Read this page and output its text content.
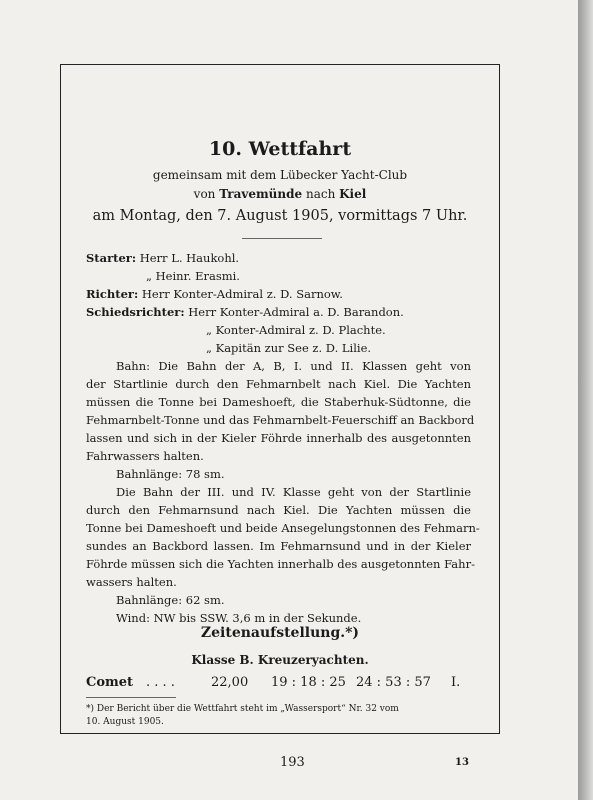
10. Wettfahrt
gemeinsam mit dem Lübecker Yacht-Club
von Travemünde nach Kiel
am Montag, den 7. August 1905, vormittags 7 Uhr.
Starter: Herr L. Haukohl.
„ Heinr. Erasmi.
Richter: Herr Konter-Admiral z. D. Sarnow.
Schiedsrichter: Herr Konter-Admiral a. D. Barandon.
„ Konter-Admiral z. D. Plachte.
„ Kapitän zur See z. D. Lilie.
Bahn: Die Bahn der A, B, I. und II. Klassen geht von
der Startlinie durch den Fehmarnbelt nach Kiel. Die Yachten
müssen die Tonne bei Dameshoeft, die Staberhuk-Südtonne, die
Fehmarnbelt-Tonne und das Fehmarnbelt-Feuerschiff an Backbord
lassen und sich in der Kieler Föhrde innerhalb des ausgetonnten
Fahrwassers halten.
Bahnlänge: 78 sm.
Die Bahn der III. und IV. Klasse geht von der Startlinie
durch den Fehmarnsund nach Kiel. Die Yachten müssen die
Tonne bei Dameshoeft und beide Ansegelungstonnen des Fehmarn-
sundes an Backbord lassen. Im Fehmarnsund und in der Kieler
Föhrde müssen sich die Yachten innerhalb des ausgetonnten Fahr-
wassers halten.
Bahnlänge: 62 sm.
Wind: NW bis SSW. 3,6 m in der Sekunde.
Zeitenaufstellung.*)
Klasse B. Kreuzeryachten.
Comet . . . .	22,00 19 : 18 : 25 24 : 53 : 57 I.
*) Der Bericht über die Wettfahrt steht im „Wassersport“ Nr. 32 vom
10. August 1905.
193	13
